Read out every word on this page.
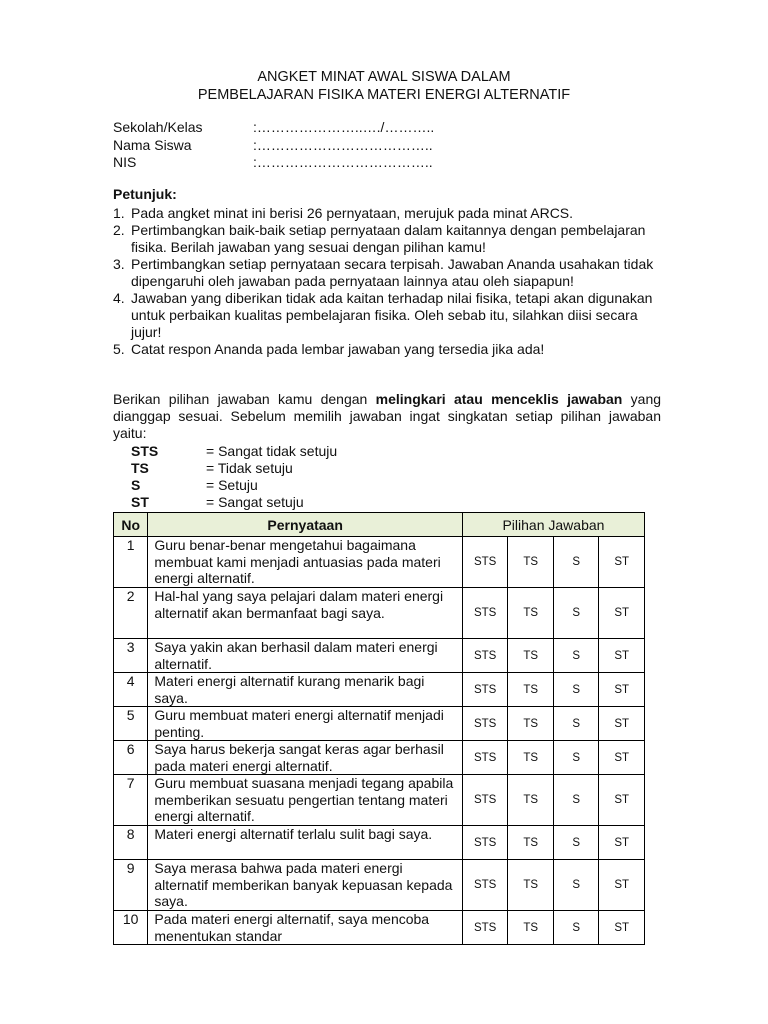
ANGKET MINAT AWAL SISWA DALAM
PEMBELAJARAN FISIKA MATERI ENERGI ALTERNATIF
Sekolah/Kelas	:…………………..…./………..
Nama Siswa	:………………………………..
NIS	:………………………………..
Petunjuk:
1. Pada angket minat ini berisi 26 pernyataan, merujuk pada minat ARCS.
2. Pertimbangkan baik-baik setiap pernyataan dalam kaitannya dengan pembelajaran fisika. Berilah jawaban yang sesuai dengan pilihan kamu!
3. Pertimbangkan setiap pernyataan secara terpisah. Jawaban Ananda usahakan tidak dipengaruhi oleh jawaban pada pernyataan lainnya atau oleh siapapun!
4. Jawaban yang diberikan tidak ada kaitan terhadap nilai fisika, tetapi akan digunakan untuk perbaikan kualitas pembelajaran fisika. Oleh sebab itu, silahkan diisi secara jujur!
5. Catat respon Ananda pada lembar jawaban yang tersedia jika ada!
Berikan pilihan jawaban kamu dengan melingkari atau menceklis jawaban yang dianggap sesuai. Sebelum memilih jawaban ingat singkatan setiap pilihan jawaban yaitu:
STS	= Sangat tidak setuju
TS	= Tidak setuju
S	= Setuju
ST	= Sangat setuju
No	Pernyataan	Pilihan Jawaban			
1	Guru benar-benar mengetahui bagaimana membuat kami menjadi antuasias pada materi energi alternatif.	STS	TS	S	ST
2	Hal-hal yang saya pelajari dalam materi energi alternatif akan bermanfaat bagi saya.	STS	TS	S	ST
3	Saya yakin akan berhasil dalam materi energi alternatif.	STS	TS	S	ST
4	Materi energi alternatif kurang menarik bagi saya.	STS	TS	S	ST
5	Guru membuat materi energi alternatif menjadi penting.	STS	TS	S	ST
6	Saya harus bekerja sangat keras agar berhasil pada materi energi alternatif.	STS	TS	S	ST
7	Guru membuat suasana menjadi tegang apabila memberikan sesuatu pengertian tentang materi energi alternatif.	STS	TS	S	ST
8	Materi energi alternatif terlalu sulit bagi saya.	STS	TS	S	ST
9	Saya merasa bahwa pada materi energi alternatif memberikan banyak kepuasan kepada saya.	STS	TS	S	ST
10	Pada materi energi alternatif, saya mencoba menentukan standar	STS	TS	S	ST
